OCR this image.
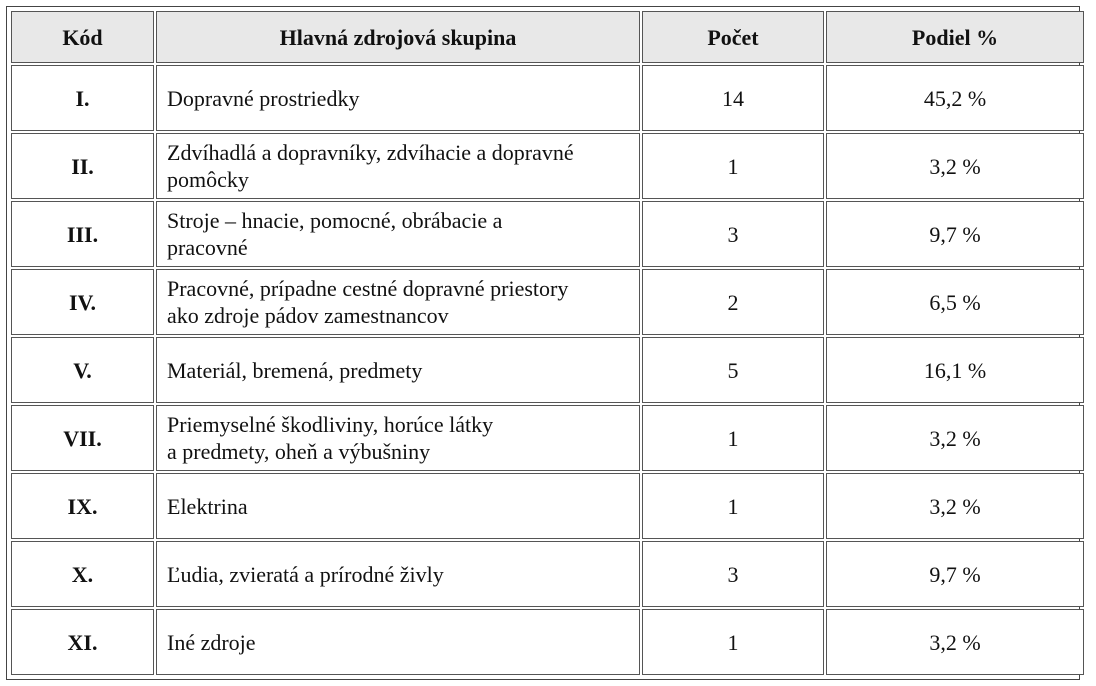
Kód	Hlavná zdrojová skupina	Počet	Podiel %
I.	Dopravné prostriedky	14	45,2 %
II.	Zdvíhadlá a dopravníky, zdvíhacie a dopravné
pomôcky	1	3,2 %
III.	Stroje – hnacie, pomocné, obrábacie a
pracovné	3	9,7 %
IV.	Pracovné, prípadne cestné dopravné priestory
ako zdroje pádov zamestnancov	2	6,5 %
V.	Materiál, bremená, predmety	5	16,1 %
VII.	Priemyselné škodliviny, horúce látky
a predmety, oheň a výbušniny	1	3,2 %
IX.	Elektrina	1	3,2 %
X.	Ľudia, zvieratá a prírodné živly	3	9,7 %
XI.	Iné zdroje	1	3,2 %
